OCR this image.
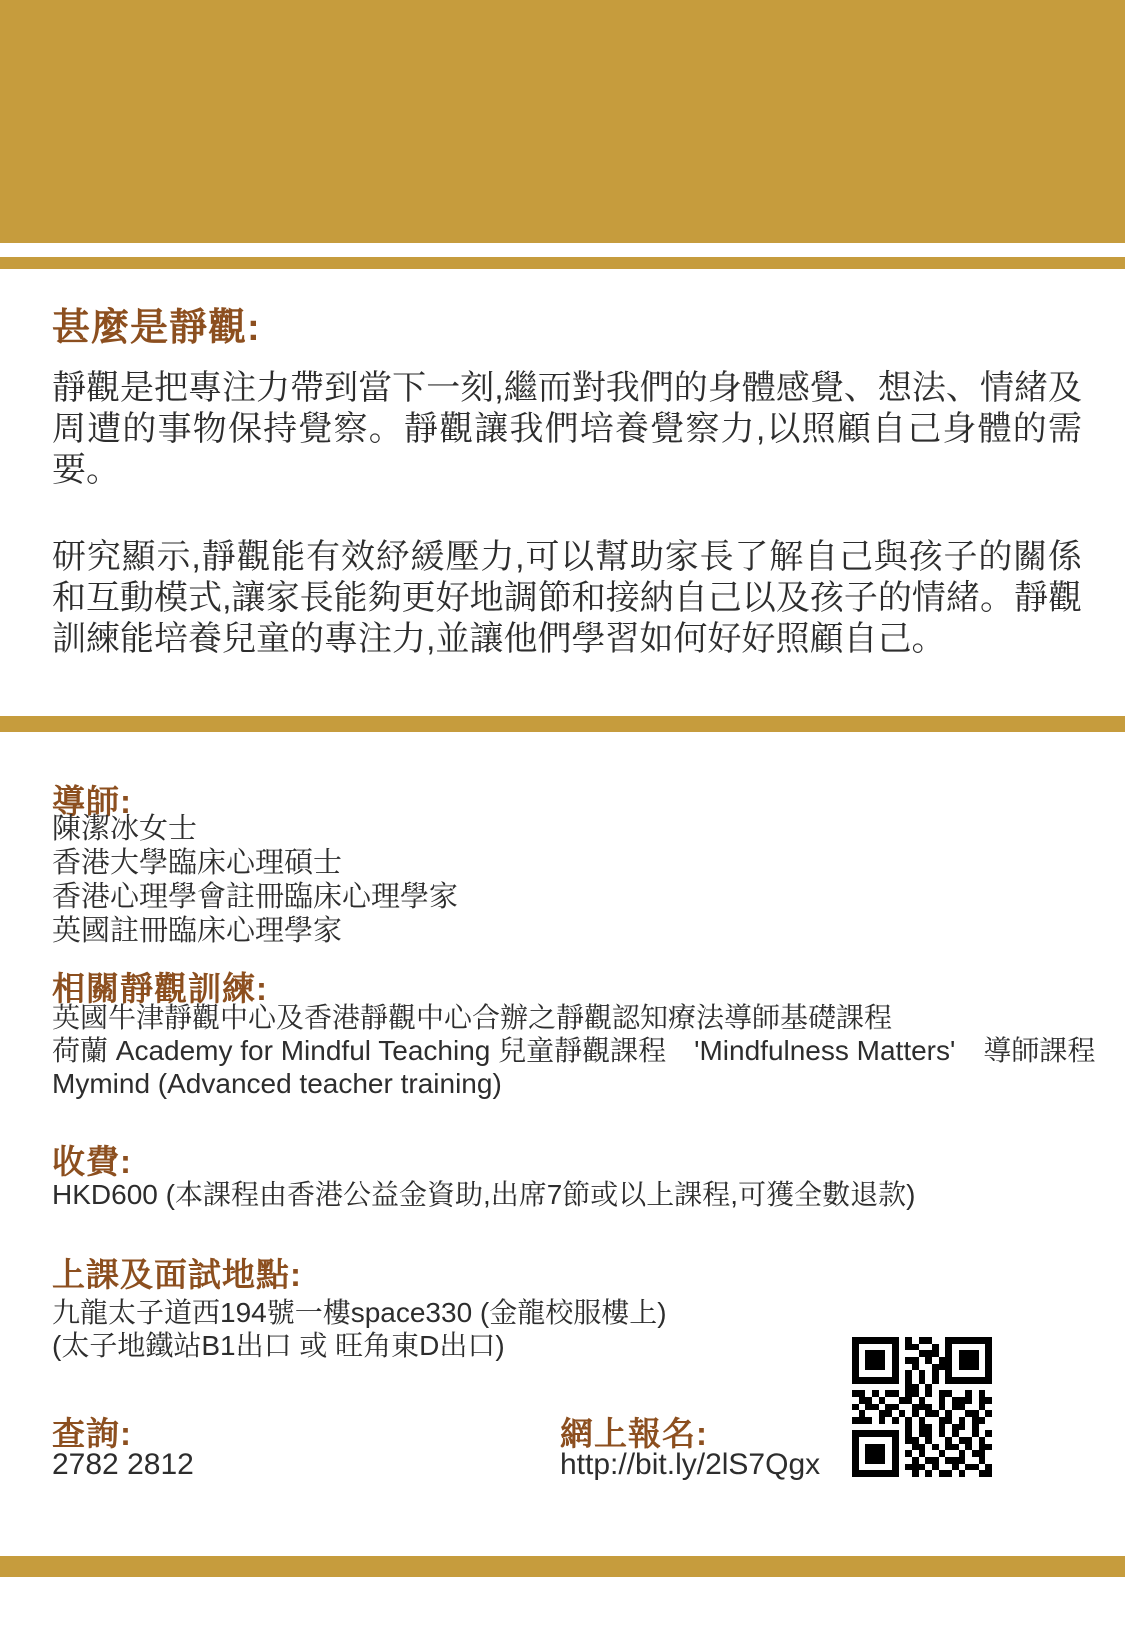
甚麼是靜觀:

靜觀是把專注力帶到當下一刻,繼而對我們的身體感覺、想法、情緒及周遭的事物保持覺察。靜觀讓我們培養覺察力,以照顧自己身體的需要。

研究顯示,靜觀能有效紓緩壓力,可以幫助家長了解自己與孩子的關係和互動模式,讓家長能夠更好地調節和接納自己以及孩子的情緒。靜觀訓練能培養兒童的專注力,並讓他們學習如何好好照顧自己。

導師:
陳潔冰女士
香港大學臨床心理碩士
香港心理學會註冊臨床心理學家
英國註冊臨床心理學家
相關靜觀訓練:
英國牛津靜觀中心及香港靜觀中心合辦之靜觀認知療法導師基礎課程
荷蘭 Academy for Mindful Teaching 兒童靜觀課程　'Mindfulness Matters'　導師課程
Mymind (Advanced teacher training)
收費:
HKD600 (本課程由香港公益金資助,出席7節或以上課程,可獲全數退款)
上課及面試地點:
九龍太子道西194號一樓space330 (金龍校服樓上)
(太子地鐵站B1出口 或 旺角東D出口)
查詢:

2782 2812

網上報名:

http://bit.ly/2lS7Qgx
